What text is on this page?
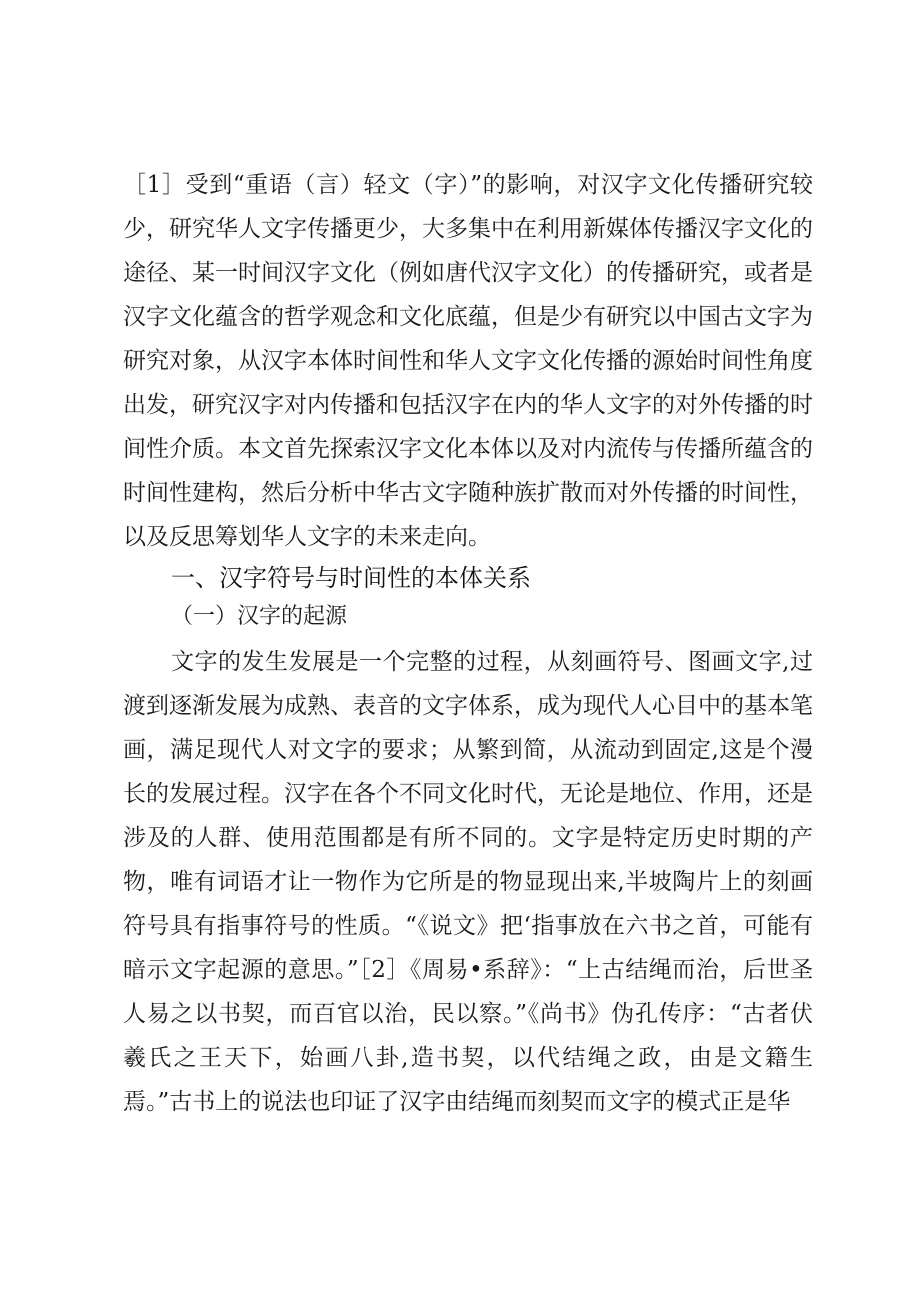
［1］受到“重语（言）轻文（字）”的影响，对汉字文化传播研究较少，研究华人文字传播更少，大多集中在利用新媒体传播汉字文化的途径、某一时间汉字文化（例如唐代汉字文化）的传播研究，或者是汉字文化蕴含的哲学观念和文化底蕴，但是少有研究以中国古文字为研究对象，从汉字本体时间性和华人文字文化传播的源始时间性角度出发，研究汉字对内传播和包括汉字在内的华人文字的对外传播的时间性介质。本文首先探索汉字文化本体以及对内流传与传播所蕴含的时间性建构，然后分析中华古文字随种族扩散而对外传播的时间性，以及反思筹划华人文字的未来走向。

一、汉字符号与时间性的本体关系
（一）汉字的起源

文字的发生发展是一个完整的过程，从刻画符号、图画文字,过渡到逐渐发展为成熟、表音的文字体系，成为现代人心目中的基本笔画，满足现代人对文字的要求；从繁到简，从流动到固定,这是个漫长的发展过程。汉字在各个不同文化时代，无论是地位、作用，还是涉及的人群、使用范围都是有所不同的。文字是特定历史时期的产物，唯有词语才让一物作为它所是的物显现出来,半坡陶片上的刻画符号具有指事符号的性质。“《说文》把‘指事放在六书之首，可能有暗示文字起源的意思。”［2］《周易•系辞》：“上古结绳而治，后世圣人易之以书契，而百官以治，民以察。”《尚书》伪孔传序：“古者伏羲氏之王天下，始画八卦,造书契，以代结绳之政，由是文籍生焉。”古书上的说法也印证了汉字由结绳而刻契而文字的模式正是华
